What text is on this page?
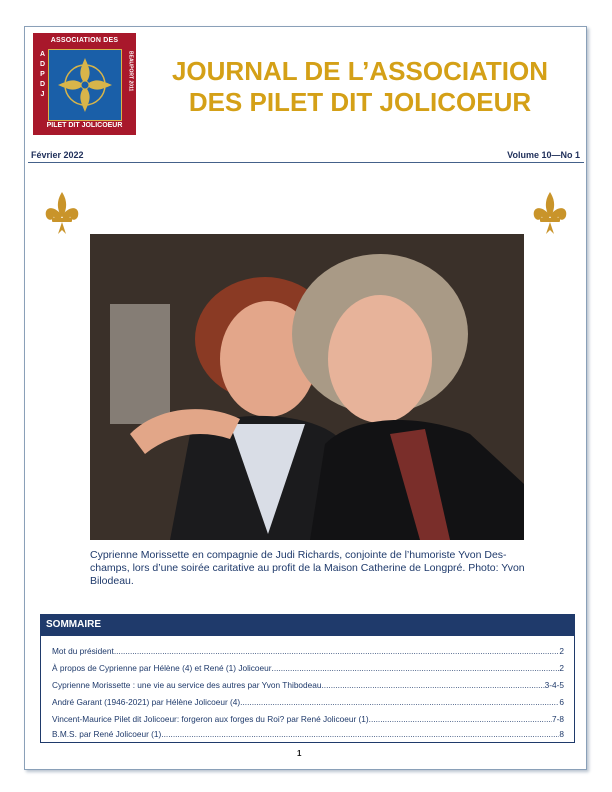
ASSOCIATION DES
ADPDJ	BEAUPORT 2011
PILET DIT JOLICOEUR
JOURNAL DE L’ASSOCIATION
DES PILET DIT JOLICOEUR
Février 2022	Volume 10—No 1
Cyprienne Morissette en compagnie de Judi Richards, conjointe de l’humoriste Yvon Des-champs, lors d’une soirée caritative au profit de la Maison Catherine de Longpré. Photo: Yvon Bilodeau.
SOMMAIRE
Mot du président .....	2
À propos de Cyprienne par Hélène (4) et René (1) Jolicoeur .....	2
Cyprienne Morissette : une vie au service des autres par Yvon Thibodeau .....	3-4-5
André Garant (1946-2021) par Hélène Jolicoeur (4) .....	6
Vincent-Maurice Pilet dit Jolicoeur: forgeron aux forges du Roi? par René Jolicoeur (1) .....	7-8
B.M.S. par René Jolicoeur (1) .....	8
1
